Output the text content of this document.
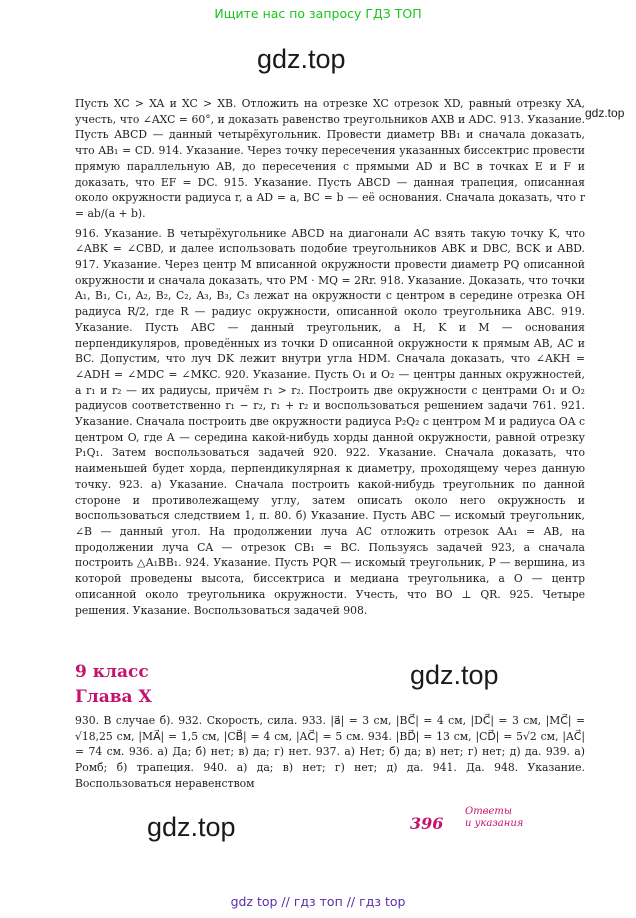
Ищите нас по запросу ГДЗ ТОП
gdz.top
gdz.top

Пусть XC > XA и XC > XB. Отложить на отрезке XC отрезок XD, равный отрезку XA, учесть, что ∠AXC = 60°, и доказать равенство треугольников AXB и ADC. 913. Указание. Пусть ABCD — данный четырёхугольник. Провести диаметр BB₁ и сначала доказать, что AB₁ = CD. 914. Указание. Через точку пересечения указанных биссектрис провести прямую параллельную AB, до пересечения с прямыми AD и BC в точках E и F и доказать, что EF = DC. 915. Указание. Пусть ABCD — данная трапеция, описанная около окружности радиуса r, а AD = a, BC = b — её основания. Сначала доказать, что r = ab/(a + b).

916. Указание. В четырёхугольнике ABCD на диагонали AC взять такую точку K, что ∠ABK = ∠CBD, и далее использовать подобие треугольников ABK и DBC, BCK и ABD. 917. Указание. Через центр M вписанной окружности провести диаметр PQ описанной окружности и сначала доказать, что PM · MQ = 2Rr. 918. Указание. Доказать, что точки A₁, B₁, C₁, A₂, B₂, C₂, A₃, B₃, C₃ лежат на окружности с центром в середине отрезка OH радиуса R/2, где R — радиус окружности, описанной около треугольника ABC. 919. Указание. Пусть ABC — данный треугольник, а H, K и M — основания перпендикуляров, проведённых из точки D описанной окружности к прямым AB, AC и BC. Допустим, что луч DK лежит внутри угла HDM. Сначала доказать, что ∠AKH = ∠ADH = ∠MDC = ∠MKC. 920. Указание. Пусть O₁ и O₂ — центры данных окружностей, а r₁ и r₂ — их радиусы, причём r₁ > r₂. Построить две окружности с центрами O₁ и O₂ радиусов соответственно r₁ − r₂, r₁ + r₂ и воспользоваться решением задачи 761. 921. Указание. Сначала построить две окружности радиуса P₂Q₂ с центром M и радиуса OA с центром O, где A — середина какой-нибудь хорды данной окружности, равной отрезку P₁Q₁. Затем воспользоваться задачей 920. 922. Указание. Сначала доказать, что наименьшей будет хорда, перпендикулярная к диаметру, проходящему через данную точку. 923. а) Указание. Сначала построить какой-нибудь треугольник по данной стороне и противолежащему углу, затем описать около него окружность и воспользоваться следствием 1, п. 80. б) Указание. Пусть ABC — искомый треугольник, ∠B — данный угол. На продолжении луча AC отложить отрезок AA₁ = AB, на продолжении луча CA — отрезок CB₁ = BC. Пользуясь задачей 923, а сначала построить △A₁BB₁. 924. Указание. Пусть PQR — искомый треугольник, P — вершина, из которой проведены высота, биссектриса и медиана треугольника, а O — центр описанной около треугольника окружности. Учесть, что BO ⊥ QR. 925. Четыре решения. Указание. Воспользоваться задачей 908.

9 класс
Глава X
gdz.top

930. В случае б). 932. Скорость, сила. 933. |a⃗| = 3 см, |BC⃗| = 4 см, |DC⃗| = 3 см, |MC⃗| = √18,25 см, |MA⃗| = 1,5 см, |CB⃗| = 4 см, |AC⃗| = 5 см. 934. |BD⃗| = 13 см, |CD⃗| = 5√2 см, |AC⃗| = 74 см. 936. а) Да; б) нет; в) да; г) нет. 937. а) Нет; б) да; в) нет; г) нет; д) да. 939. а) Ромб; б) трапеция. 940. а) да; в) нет; г) нет; д) да. 941. Да. 948. Указание. Воспользоваться неравенством

gdz.top	396
Ответы
и указания
gdz top // гдз топ // гдз top
